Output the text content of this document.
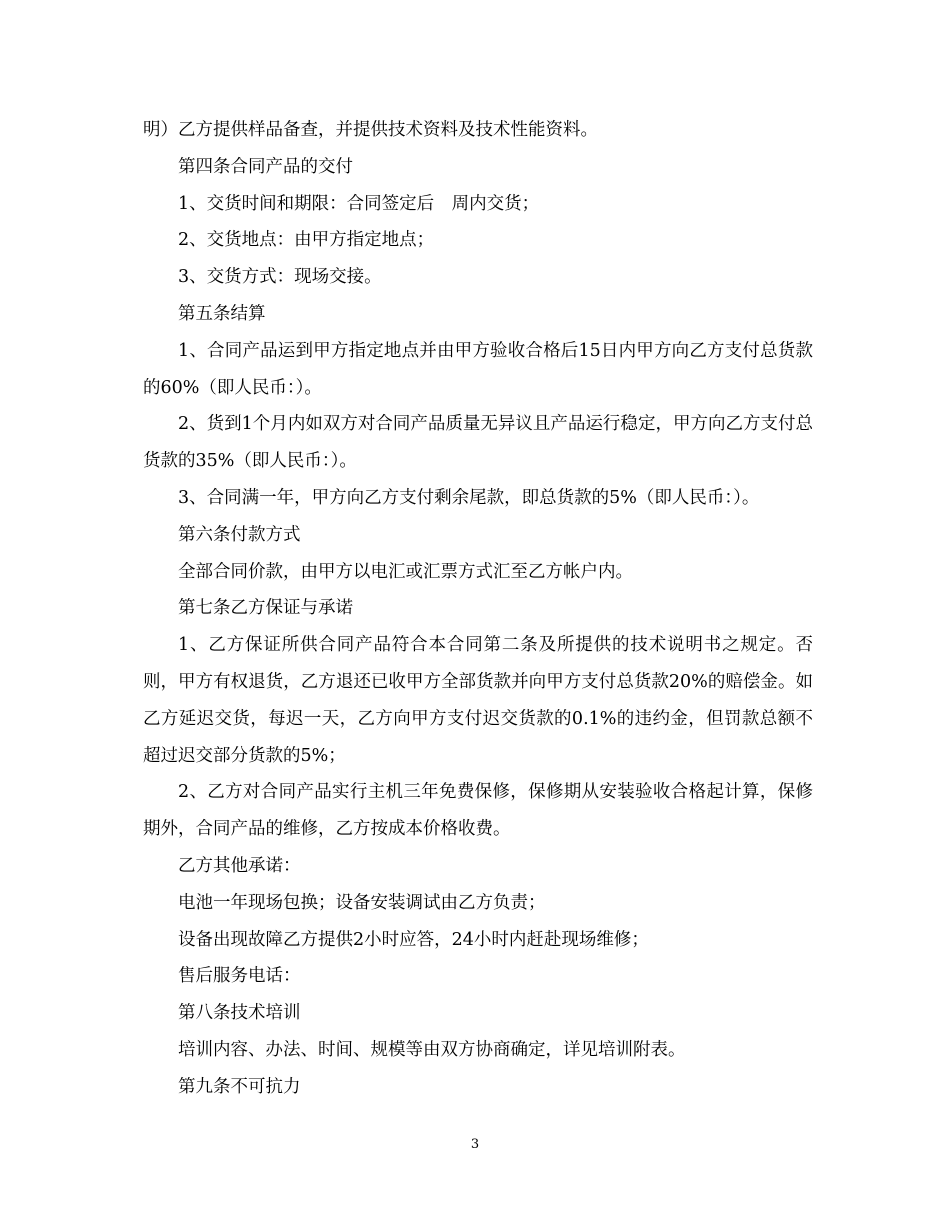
明）乙方提供样品备查，并提供技术资料及技术性能资料。

第四条合同产品的交付

1、交货时间和期限：合同签定后　周内交货；

2、交货地点：由甲方指定地点；

3、交货方式：现场交接。

第五条结算

1、合同产品运到甲方指定地点并由甲方验收合格后15日内甲方向乙方支付总货款的60%（即人民币：）。

2、货到1个月内如双方对合同产品质量无异议且产品运行稳定，甲方向乙方支付总货款的35%（即人民币：）。

3、合同满一年，甲方向乙方支付剩余尾款，即总货款的5%（即人民币：）。

第六条付款方式

全部合同价款，由甲方以电汇或汇票方式汇至乙方帐户内。

第七条乙方保证与承诺

1、乙方保证所供合同产品符合本合同第二条及所提供的技术说明书之规定。否则，甲方有权退货，乙方退还已收甲方全部货款并向甲方支付总货款20%的赔偿金。如乙方延迟交货，每迟一天，乙方向甲方支付迟交货款的0.1%的违约金，但罚款总额不超过迟交部分货款的5%；

2、乙方对合同产品实行主机三年免费保修，保修期从安装验收合格起计算，保修期外，合同产品的维修，乙方按成本价格收费。

乙方其他承诺：

电池一年现场包换；设备安装调试由乙方负责；

设备出现故障乙方提供2小时应答，24小时内赶赴现场维修；

售后服务电话：

第八条技术培训

培训内容、办法、时间、规模等由双方协商确定，详见培训附表。

第九条不可抗力

3
